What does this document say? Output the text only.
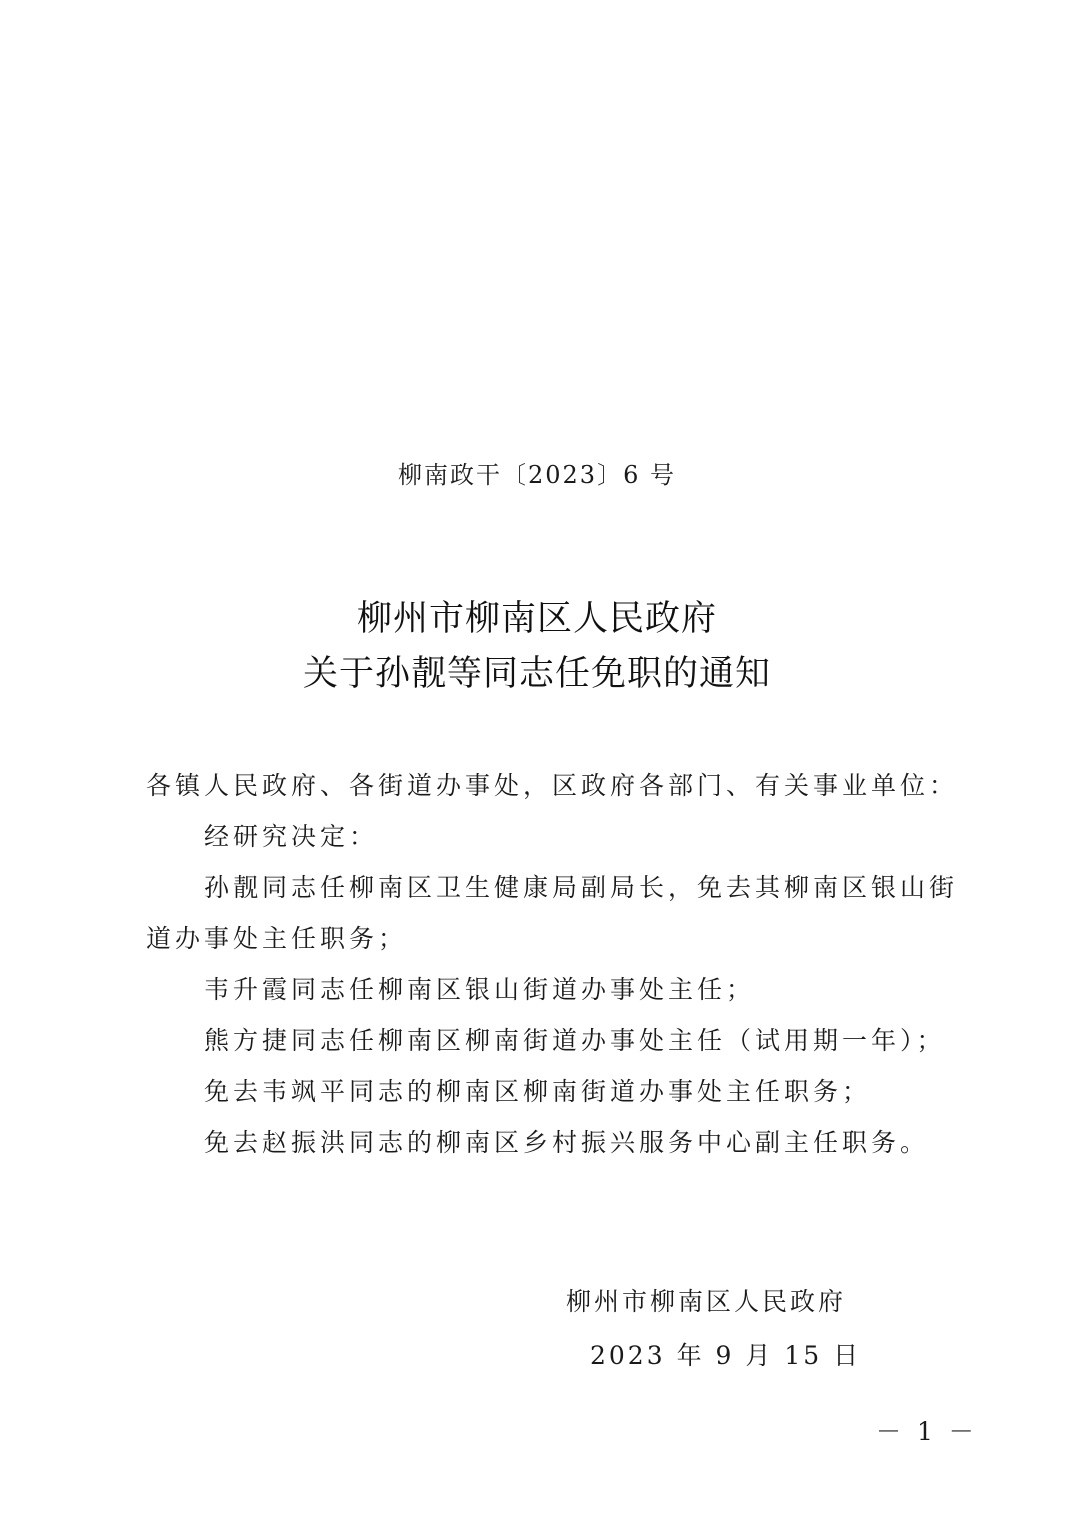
柳南政干〔2023〕6 号
柳州市柳南区人民政府
关于孙靓等同志任免职的通知

各镇人民政府、各街道办事处，区政府各部门、有关事业单位：

经研究决定：

孙靓同志任柳南区卫生健康局副局长，免去其柳南区银山街

道办事处主任职务；

韦升霞同志任柳南区银山街道办事处主任；

熊方捷同志任柳南区柳南街道办事处主任（试用期一年）；

免去韦飒平同志的柳南区柳南街道办事处主任职务；

免去赵振洪同志的柳南区乡村振兴服务中心副主任职务。

柳州市柳南区人民政府
2023 年 9 月 15 日
－ 1 －
